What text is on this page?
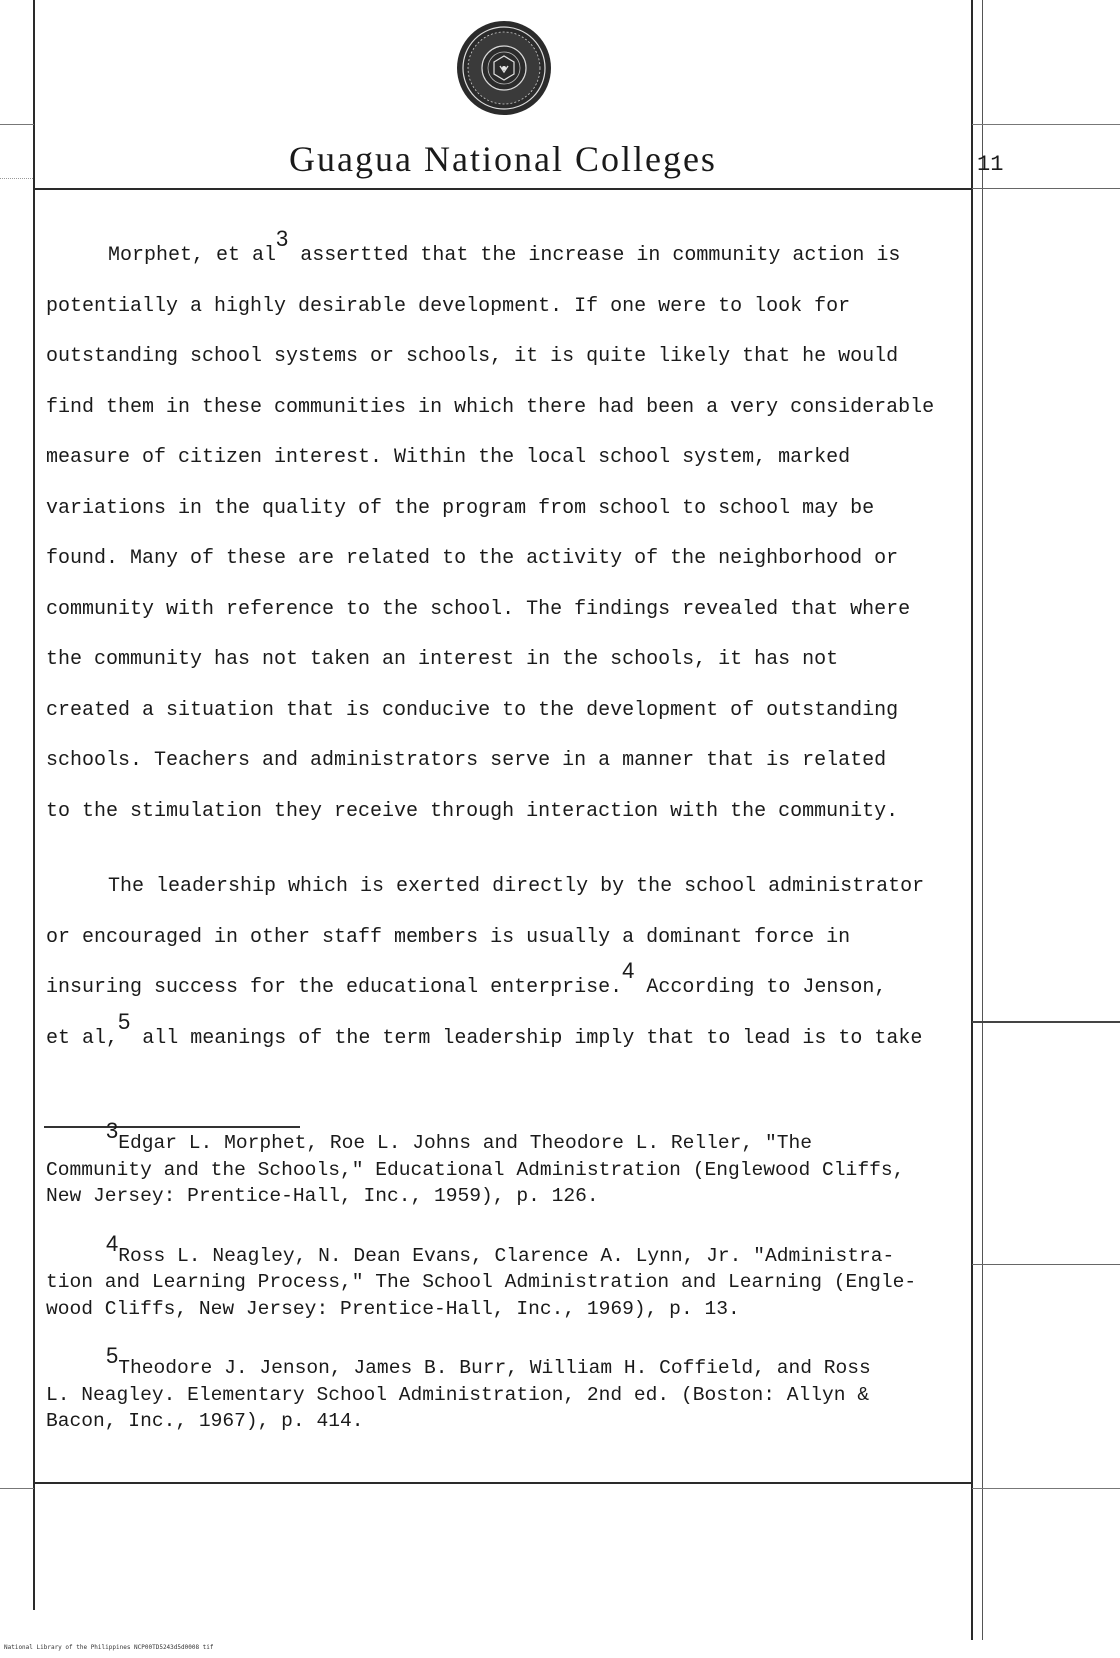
Guagua National Colleges	11
Morphet, et $al^3$ assertted that the increase in community action is
potentially a highly desirable development. If one were to look for
outstanding school systems or schools, it is quite likely that he would
find them in these communities in which there had been a very considerable
measure of citizen interest. Within the local school system, marked
variations in the quality of the program from school to school may be
found. Many of these are related to the activity of the neighborhood or
community with reference to the school. The findings revealed that where
the community has not taken an interest in the schools, it has not
created a situation that is conducive to the development of outstanding
schools. Teachers and administrators serve in a manner that is related
to the stimulation they receive through interaction with the community.
The leadership which is exerted directly by the school administrator
or encouraged in other staff members is usually a dominant force in
insuring success for the educational enterprise.$^4$ According to Jenson,
et al,$^5$ all meanings of the term leadership imply that to lead is to take
3Edgar L. Morphet, Roe L. Johns and Theodore L. Reller, "The
Community and the Schools," Educational Administration (Englewood Cliffs,
New Jersey: Prentice-Hall, Inc., 1959), p. 126.
4Ross L. Neagley, N. Dean Evans, Clarence A. Lynn, Jr. "Administra-
tion and Learning Process," The School Administration and Learning (Engle-
wood Cliffs, New Jersey: Prentice-Hall, Inc., 1969), p. 13.
5Theodore J. Jenson, James B. Burr, William H. Coffield, and Ross
L. Neagley. Elementary School Administration, 2nd ed. (Boston: Allyn &
Bacon, Inc., 1967), p. 414.
National Library of the Philippines NCP00TD5243d5d0008 tif
